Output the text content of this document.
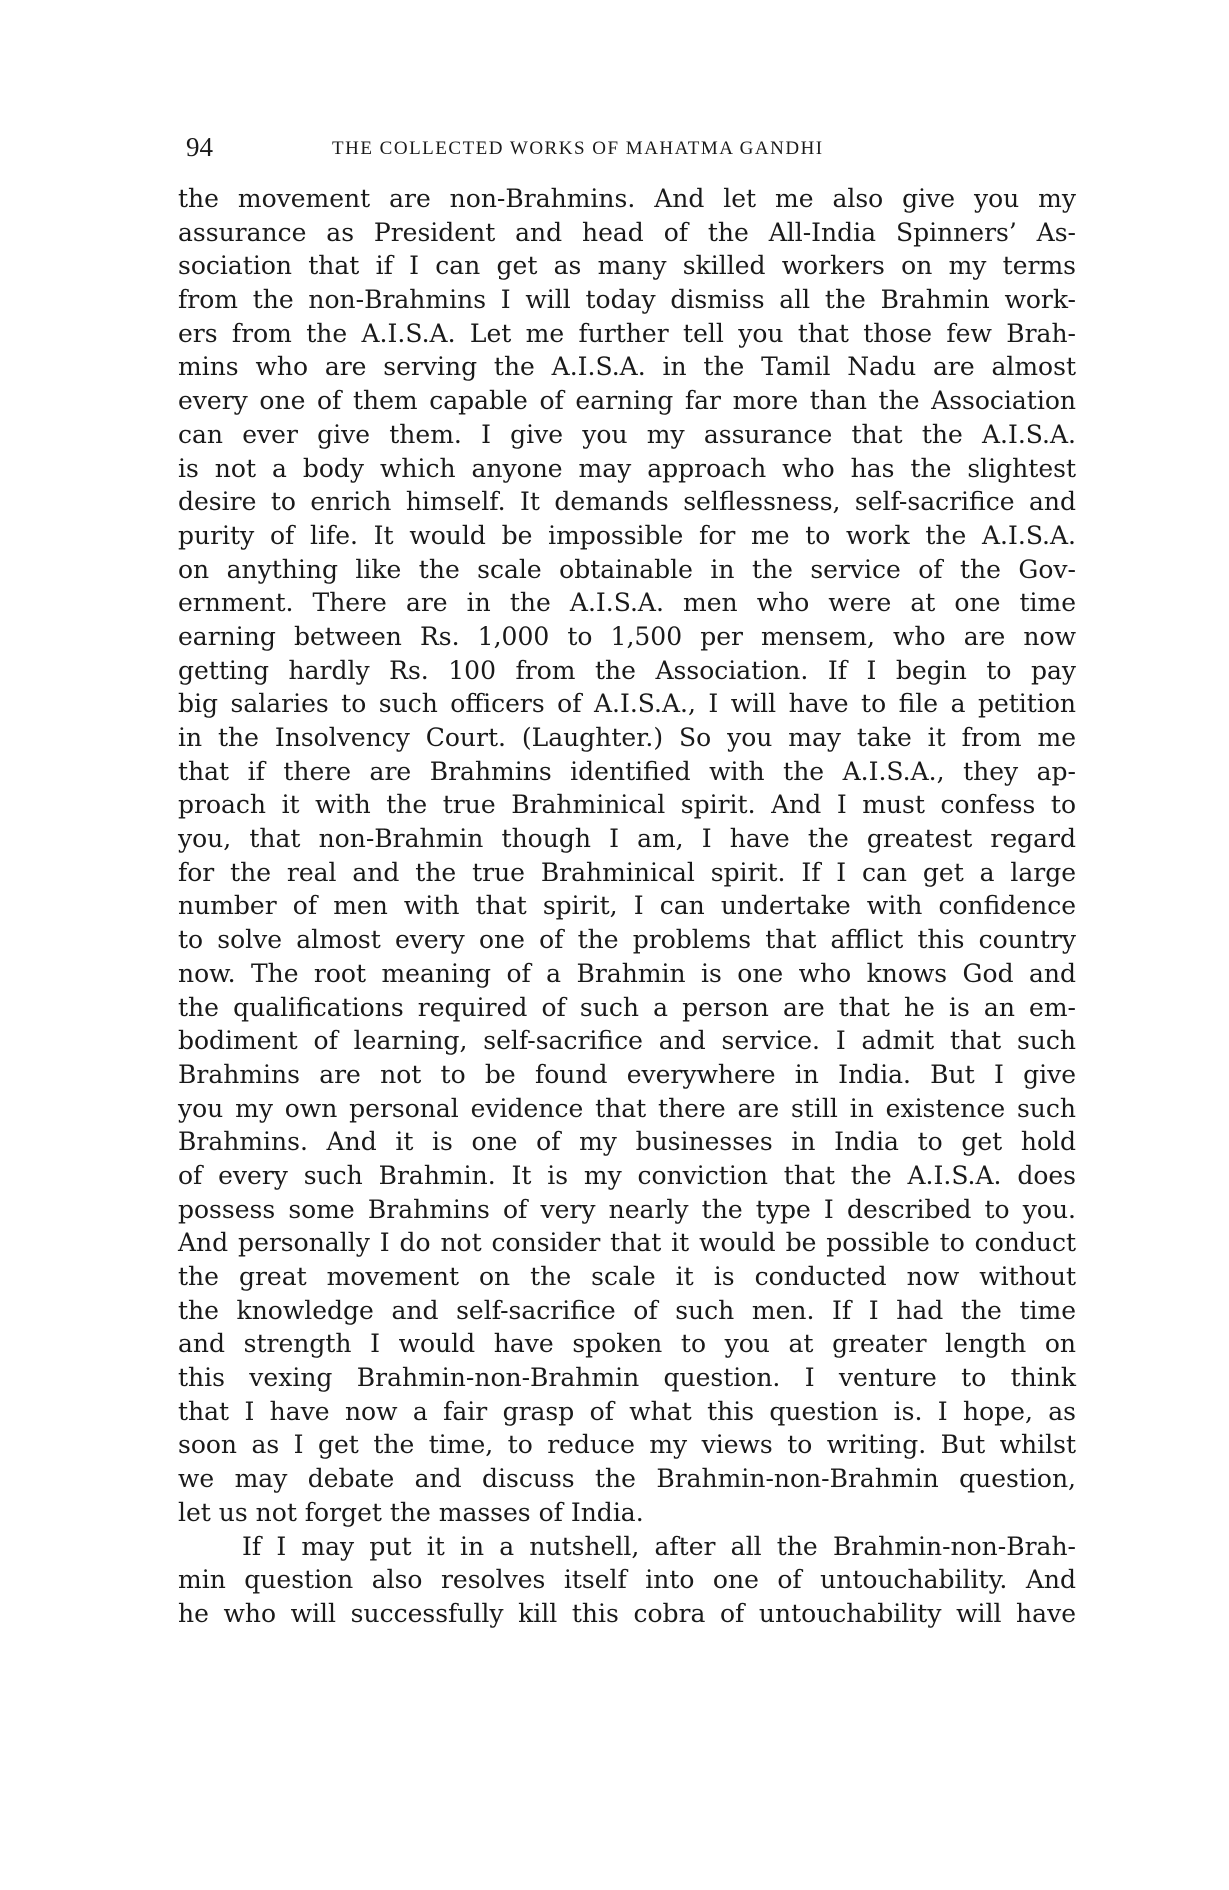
CWMG XXXV
94	THE COLLECTED WORKS OF MAHATMA GANDHI
the movement are non-Brahmins. And let me also give you my
assurance as President and head of the All-India Spinners’ As-
sociation that if I can get as many skilled workers on my terms
from the non-Brahmins I will today dismiss all the Brahmin work-
ers from the A.I.S.A. Let me further tell you that those few Brah-
mins who are serving the A.I.S.A. in the Tamil Nadu are almost
every one of them capable of earning far more than the Association
can ever give them. I give you my assurance that the A.I.S.A.
is not a body which anyone may approach who has the slightest
desire to enrich himself. It demands selflessness, self-sacrifice and
purity of life. It would be impossible for me to work the A.I.S.A.
on anything like the scale obtainable in the service of the Gov-
ernment. There are in the A.I.S.A. men who were at one time
earning between Rs. 1,000 to 1,500 per mensem, who are now
getting hardly Rs. 100 from the Association. If I begin to pay
big salaries to such officers of A.I.S.A., I will have to file a petition
in the Insolvency Court. (Laughter.) So you may take it from me
that if there are Brahmins identified with the A.I.S.A., they ap-
proach it with the true Brahminical spirit. And I must confess to
you, that non-Brahmin though I am, I have the greatest regard
for the real and the true Brahminical spirit. If I can get a large
number of men with that spirit, I can undertake with confidence
to solve almost every one of the problems that afflict this country
now. The root meaning of a Brahmin is one who knows God and
the qualifications required of such a person are that he is an em-
bodiment of learning, self-sacrifice and service. I admit that such
Brahmins are not to be found everywhere in India. But I give
you my own personal evidence that there are still in existence such
Brahmins. And it is one of my businesses in India to get hold
of every such Brahmin. It is my conviction that the A.I.S.A. does
possess some Brahmins of very nearly the type I described to you.
And personally I do not consider that it would be possible to conduct
the great movement on the scale it is conducted now without
the knowledge and self-sacrifice of such men. If I had the time
and strength I would have spoken to you at greater length on
this vexing Brahmin-non-Brahmin question. I venture to think
that I have now a fair grasp of what this question is. I hope, as
soon as I get the time, to reduce my views to writing. But whilst
we may debate and discuss the Brahmin-non-Brahmin question,
let us not forget the masses of India.
If I may put it in a nutshell, after all the Brahmin-non-Brah-
min question also resolves itself into one of untouchability. And
he who will successfully kill this cobra of untouchability will have
